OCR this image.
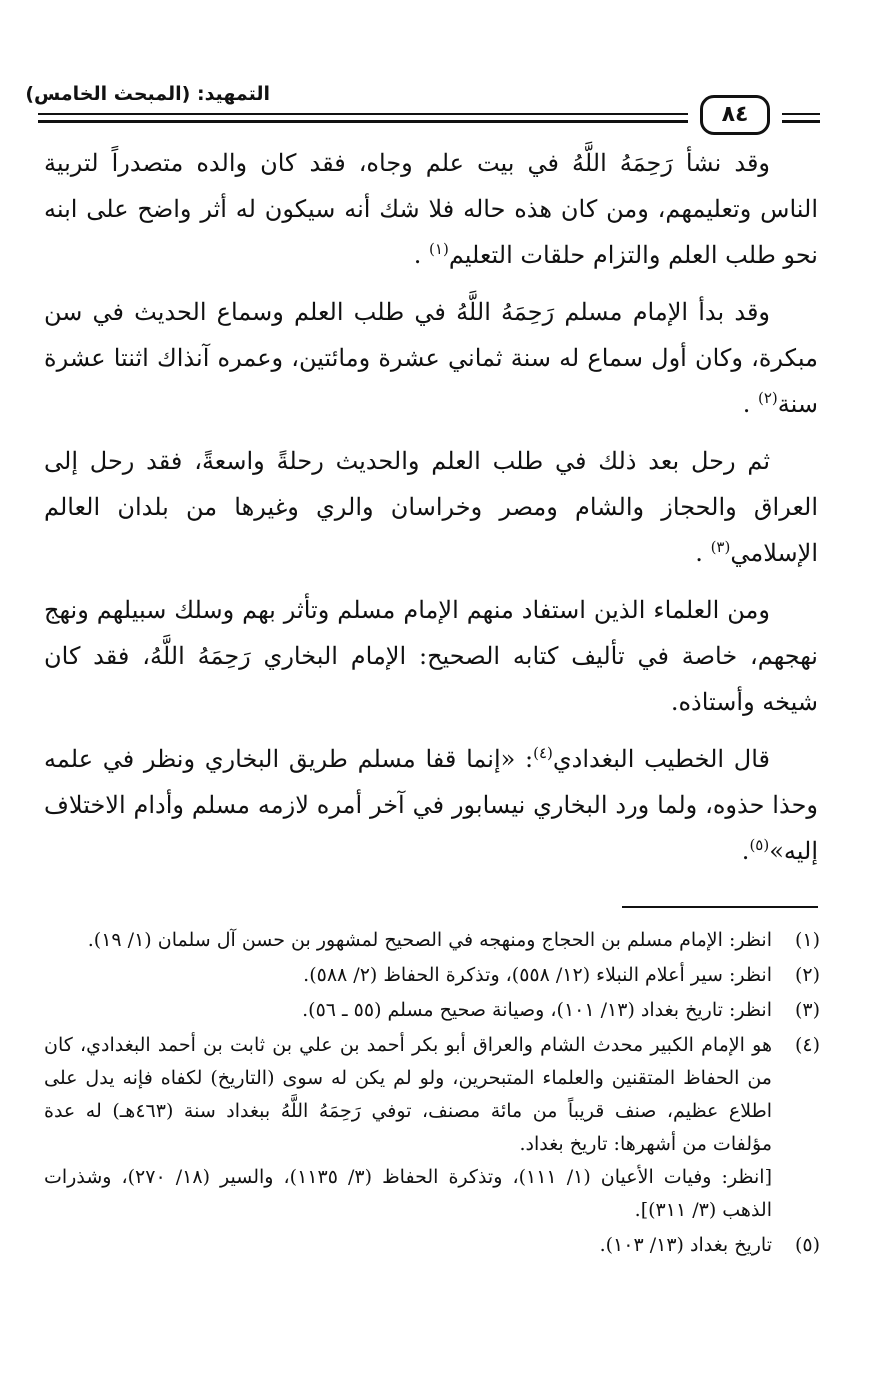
التمهيد: (المبحث الخامس)
٨٤

وقد نشأ رَحِمَهُ اللَّهُ في بيت علم وجاه، فقد كان والده متصدراً لتربية الناس وتعليمهم، ومن كان هذه حاله فلا شك أنه سيكون له أثر واضح على ابنه نحو طلب العلم والتزام حلقات التعليم$^{(١)}$ .

وقد بدأ الإمام مسلم رَحِمَهُ اللَّهُ في طلب العلم وسماع الحديث في سن مبكرة، وكان أول سماع له سنة ثماني عشرة ومائتين، وعمره آنذاك اثنتا عشرة سنة$^{(٢)}$ .

ثم رحل بعد ذلك في طلب العلم والحديث رحلةً واسعةً، فقد رحل إلى العراق والحجاز والشام ومصر وخراسان والري وغيرها من بلدان العالم الإسلامي$^{(٣)}$ .

ومن العلماء الذين استفاد منهم الإمام مسلم وتأثر بهم وسلك سبيلهم ونهج نهجهم، خاصة في تأليف كتابه الصحيح: الإمام البخاري رَحِمَهُ اللَّهُ، فقد كان شيخه وأستاذه.

قال الخطيب البغدادي$^{(٤)}$: «إنما قفا مسلم طريق البخاري ونظر في علمه وحذا حذوه، ولما ورد البخاري نيسابور في آخر أمره لازمه مسلم وأدام الاختلاف إليه»$^{(٥)}$.

(١)
انظر: الإمام مسلم بن الحجاج ومنهجه في الصحيح لمشهور بن حسن آل سلمان (١/ ١٩).
(٢)
انظر: سير أعلام النبلاء (١٢/ ٥٥٨)، وتذكرة الحفاظ (٢/ ٥٨٨).
(٣)
انظر: تاريخ بغداد (١٣/ ١٠١)، وصيانة صحيح مسلم (٥٥ ـ ٥٦).
(٤)
هو الإمام الكبير محدث الشام والعراق أبو بكر أحمد بن علي بن ثابت بن أحمد البغدادي، كان من الحفاظ المتقنين والعلماء المتبحرين، ولو لم يكن له سوى (التاريخ) لكفاه فإنه يدل على اطلاع عظيم، صنف قريباً من مائة مصنف، توفي رَحِمَهُ اللَّهُ ببغداد سنة (٤٦٣هـ) له عدة مؤلفات من أشهرها: تاريخ بغداد.
[انظر: وفيات الأعيان (١/ ١١١)، وتذكرة الحفاظ (٣/ ١١٣٥)، والسير (١٨/ ٢٧٠)، وشذرات الذهب (٣/ ٣١١)].
(٥)
تاريخ بغداد (١٣/ ١٠٣).
